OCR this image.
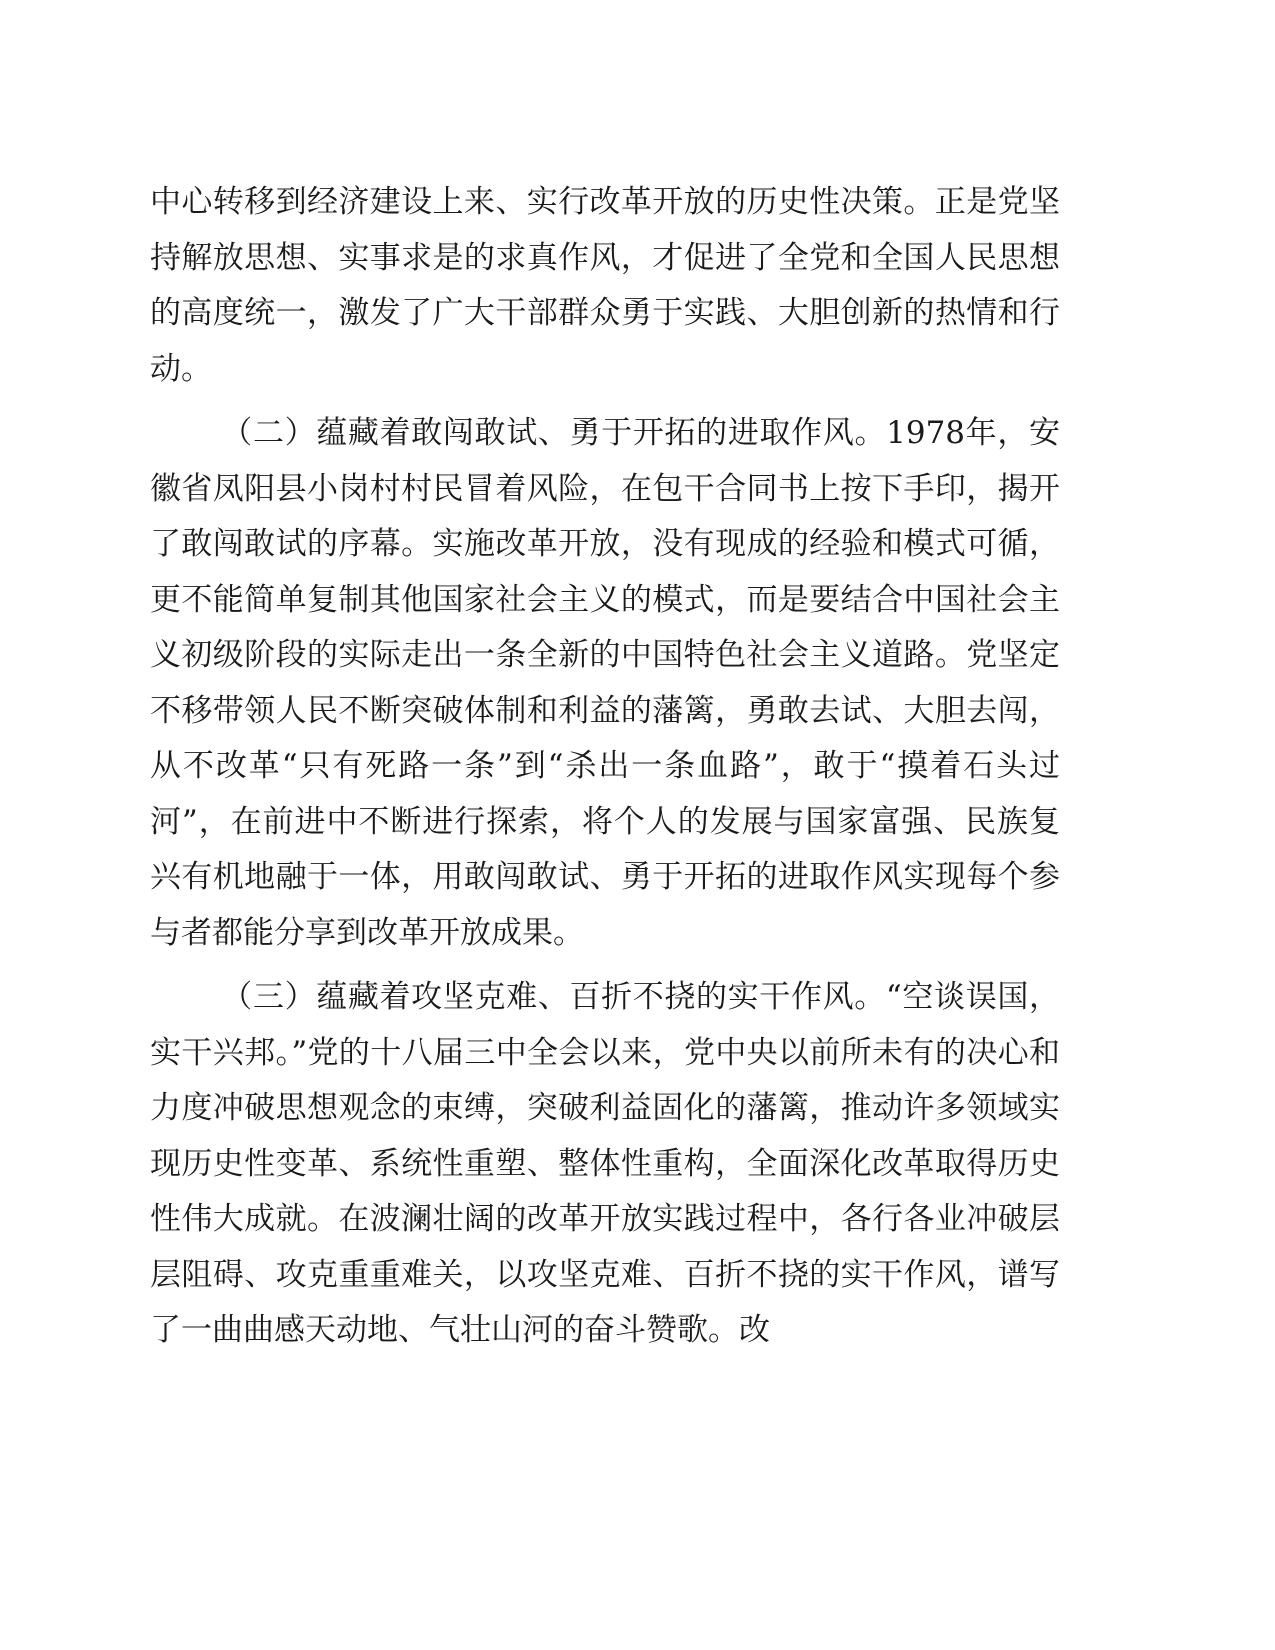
中心转移到经济建设上来、实行改革开放的历史性决策。正是党坚持解放思想、实事求是的求真作风，才促进了全党和全国人民思想的高度统一，激发了广大干部群众勇于实践、大胆创新的热情和行动。

（二）蕴藏着敢闯敢试、勇于开拓的进取作风。1978年，安徽省凤阳县小岗村村民冒着风险，在包干合同书上按下手印，揭开了敢闯敢试的序幕。实施改革开放，没有现成的经验和模式可循，更不能简单复制其他国家社会主义的模式，而是要结合中国社会主义初级阶段的实际走出一条全新的中国特色社会主义道路。党坚定不移带领人民不断突破体制和利益的藩篱，勇敢去试、大胆去闯，从不改革“只有死路一条”到“杀出一条血路”，敢于“摸着石头过河”，在前进中不断进行探索，将个人的发展与国家富强、民族复兴有机地融于一体，用敢闯敢试、勇于开拓的进取作风实现每个参与者都能分享到改革开放成果。

（三）蕴藏着攻坚克难、百折不挠的实干作风。“空谈误国，实干兴邦。”党的十八届三中全会以来，党中央以前所未有的决心和力度冲破思想观念的束缚，突破利益固化的藩篱，推动许多领域实现历史性变革、系统性重塑、整体性重构，全面深化改革取得历史性伟大成就。在波澜壮阔的改革开放实践过程中，各行各业冲破层层阻碍、攻克重重难关，以攻坚克难、百折不挠的实干作风，谱写了一曲曲感天动地、气壮山河的奋斗赞歌。改
